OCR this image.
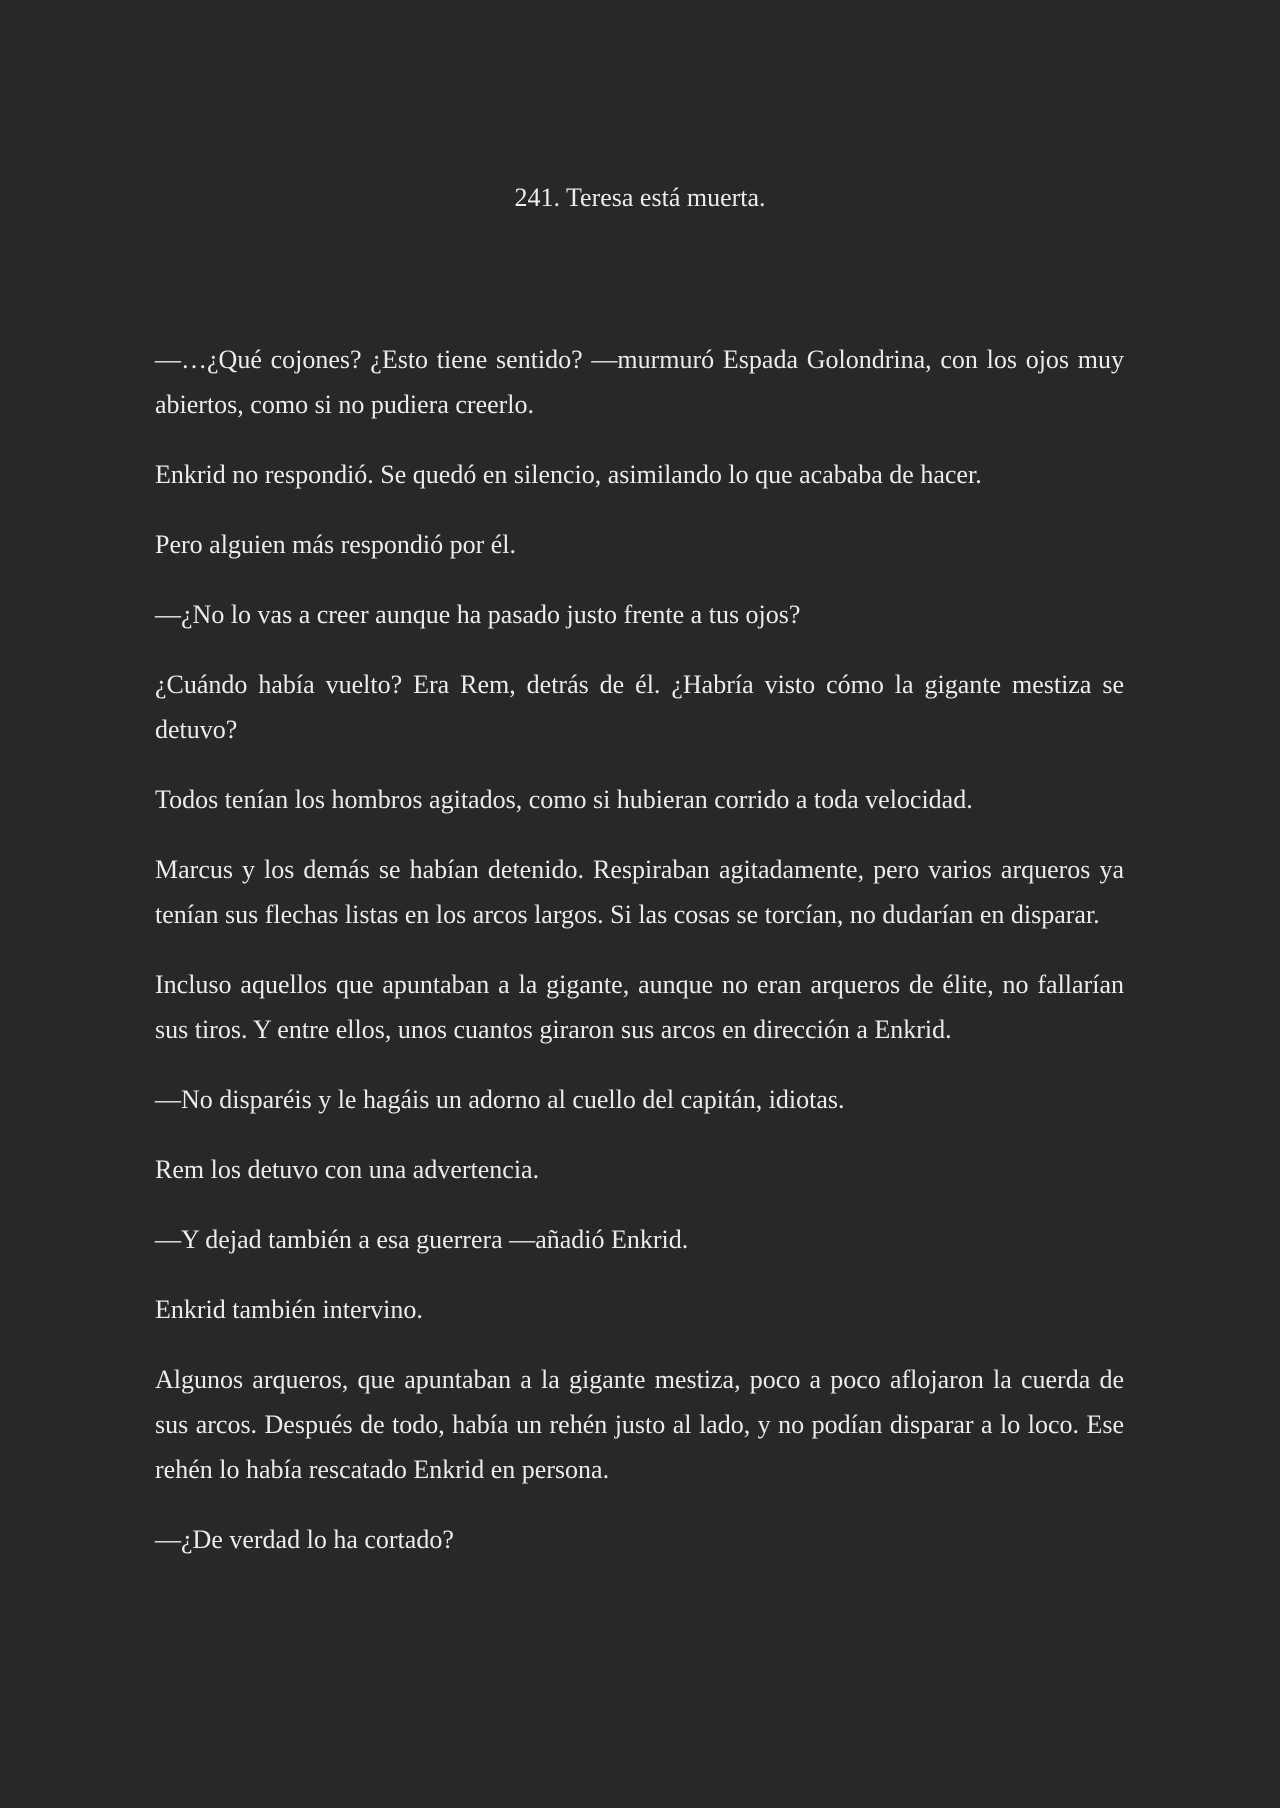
241. Teresa está muerta.

—…¿Qué cojones? ¿Esto tiene sentido? —murmuró Espada Golondrina, con los ojos muy abiertos, como si no pudiera creerlo.

Enkrid no respondió. Se quedó en silencio, asimilando lo que acababa de hacer.

Pero alguien más respondió por él.

—¿No lo vas a creer aunque ha pasado justo frente a tus ojos?

¿Cuándo había vuelto? Era Rem, detrás de él. ¿Habría visto cómo la gigante mestiza se detuvo?

Todos tenían los hombros agitados, como si hubieran corrido a toda velocidad.

Marcus y los demás se habían detenido. Respiraban agitadamente, pero varios arqueros ya tenían sus flechas listas en los arcos largos. Si las cosas se torcían, no dudarían en disparar.

Incluso aquellos que apuntaban a la gigante, aunque no eran arqueros de élite, no fallarían sus tiros. Y entre ellos, unos cuantos giraron sus arcos en dirección a Enkrid.

—No disparéis y le hagáis un adorno al cuello del capitán, idiotas.

Rem los detuvo con una advertencia.

—Y dejad también a esa guerrera —añadió Enkrid.

Enkrid también intervino.

Algunos arqueros, que apuntaban a la gigante mestiza, poco a poco aflojaron la cuerda de sus arcos. Después de todo, había un rehén justo al lado, y no podían disparar a lo loco. Ese rehén lo había rescatado Enkrid en persona.

—¿De verdad lo ha cortado?
